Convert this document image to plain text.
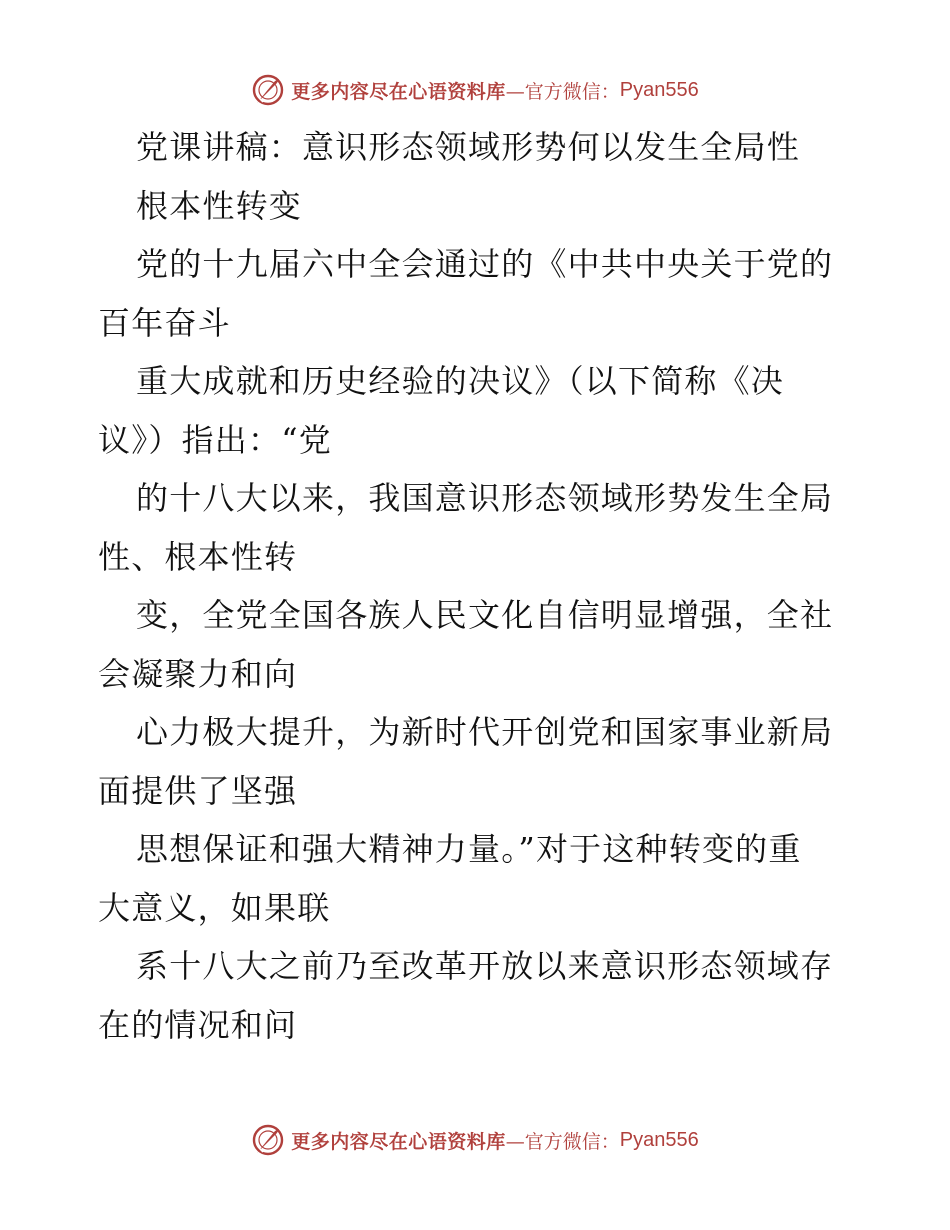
更多内容尽在心语资料库 —官方微信： Pyan556
党课讲稿：意识形态领域形势何以发生全局性
根本性转变
党的十九届六中全会通过的《中共中央关于党的
百年奋斗
重大成就和历史经验的决议》（以下简称《决
议》）指出：“党
的十八大以来，我国意识形态领域形势发生全局
性、根本性转
变，全党全国各族人民文化自信明显增强，全社
会凝聚力和向
心力极大提升，为新时代开创党和国家事业新局
面提供了坚强
思想保证和强大精神力量。”对于这种转变的重
大意义，如果联
系十八大之前乃至改革开放以来意识形态领域存
在的情况和问
更多内容尽在心语资料库 —官方微信： Pyan556
